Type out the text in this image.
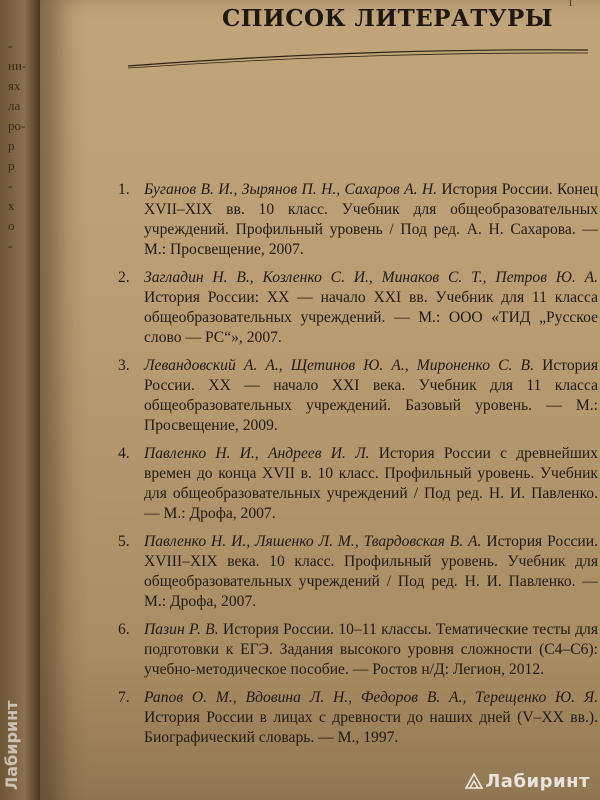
-
ни-
ях
ла
ро-
р
р
-
х
о
-
СПИСОК ЛИТЕРАТУРЫ
1
1. Буганов В. И., Зырянов П. Н., Сахаров А. Н. История России. Конец XVII–XIX вв. 10 класс. Учебник для общеобразовательных учреждений. Профильный уровень / Под ред. А. Н. Сахарова. — М.: Просвещение, 2007.
2. Загладин Н. В., Козленко С. И., Минаков С. Т., Петров Ю. А. История России: XX — начало XXI вв. Учебник для 11 класса общеобразовательных учреждений. — М.: ООО «ТИД „Русское слово — РС“», 2007.
3. Левандовский А. А., Щетинов Ю. А., Мироненко С. В. История России. XX — начало XXI века. Учебник для 11 класса общеобразовательных учреждений. Базовый уровень. — М.: Просвещение, 2009.
4. Павленко Н. И., Андреев И. Л. История России с древнейших времен до конца XVII в. 10 класс. Профильный уровень. Учебник для общеобразовательных учреждений / Под ред. Н. И. Павленко. — М.: Дрофа, 2007.
5. Павленко Н. И., Ляшенко Л. М., Твардовская В. А. История России. XVIII–XIX века. 10 класс. Профильный уровень. Учебник для общеобразовательных учреждений / Под ред. Н. И. Павленко. — М.: Дрофа, 2007.
6. Пазин Р. В. История России. 10–11 классы. Тематические тесты для подготовки к ЕГЭ. Задания высокого уровня сложности (С4–С6): учебно-методическое пособие. — Ростов н/Д: Легион, 2012.
7. Рапов О. М., Вдовина Л. Н., Федоров В. А., Терещенко Ю. Я. История России в лицах с древности до наших дней (V–XX вв.). Биографический словарь. — М., 1997.
Лабиринт	Лабиринт
